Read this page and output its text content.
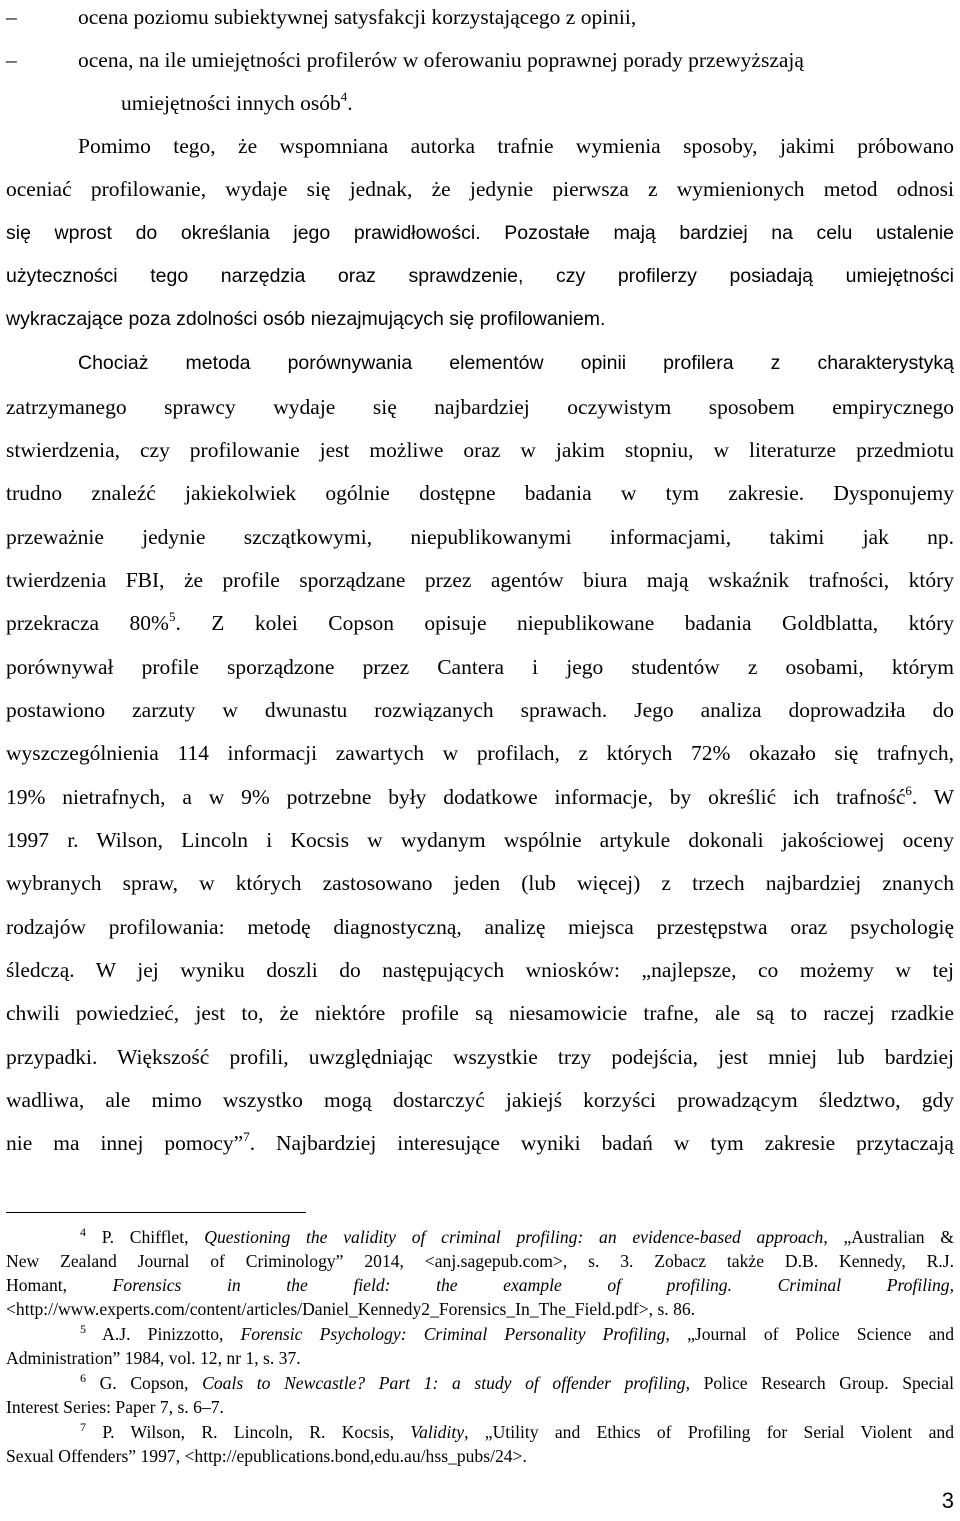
–	ocena poziomu subiektywnej satysfakcji korzystającego z opinii,
–	ocena, na ile umiejętności profilerów w oferowaniu poprawnej porady przewyższają
umiejętności innych osób$^4$.
Pomimo tego, że wspomniana autorka trafnie wymienia sposoby, jakimi próbowano
oceniać profilowanie, wydaje się jednak, że jedynie pierwsza z wymienionych metod odnosi
się wprost do określania jego prawidłowości. Pozostałe mają bardziej na celu ustalenie
użyteczności tego narzędzia oraz sprawdzenie, czy profilerzy posiadają umiejętności
wykraczające poza zdolności osób niezajmujących się profilowaniem.
Chociaż metoda porównywania elementów opinii profilera z charakterystyką
zatrzymanego sprawcy wydaje się najbardziej oczywistym sposobem empirycznego
stwierdzenia, czy profilowanie jest możliwe oraz w jakim stopniu, w literaturze przedmiotu
trudno znaleźć jakiekolwiek ogólnie dostępne badania w tym zakresie. Dysponujemy
przeważnie jedynie szczątkowymi, niepublikowanymi informacjami, takimi jak np.
twierdzenia FBI, że profile sporządzane przez agentów biura mają wskaźnik trafności, który
przekracza 80%$^5$. Z kolei Copson opisuje niepublikowane badania Goldblatta, który
porównywał profile sporządzone przez Cantera i jego studentów z osobami, którym
postawiono zarzuty w dwunastu rozwiązanych sprawach. Jego analiza doprowadziła do
wyszczególnienia 114 informacji zawartych w profilach, z których 72% okazało się trafnych,
19% nietrafnych, a w 9% potrzebne były dodatkowe informacje, by określić ich trafność$^6$. W
1997 r. Wilson, Lincoln i Kocsis w wydanym wspólnie artykule dokonali jakościowej oceny
wybranych spraw, w których zastosowano jeden (lub więcej) z trzech najbardziej znanych
rodzajów profilowania: metodę diagnostyczną, analizę miejsca przestępstwa oraz psychologię
śledczą. W jej wyniku doszli do następujących wniosków: „najlepsze, co możemy w tej
chwili powiedzieć, jest to, że niektóre profile są niesamowicie trafne, ale są to raczej rzadkie
przypadki. Większość profili, uwzględniając wszystkie trzy podejścia, jest mniej lub bardziej
wadliwa, ale mimo wszystko mogą dostarczyć jakiejś korzyści prowadzącym śledztwo, gdy
nie ma innej pomocy”$^7$. Najbardziej interesujące wyniki badań w tym zakresie przytaczają
$^4$ P. Chifflet, Questioning the validity of criminal profiling: an evidence-based approach, „Australian &
New Zealand Journal of Criminology” 2014, <anj.sagepub.com>, s. 3. Zobacz także D.B. Kennedy, R.J.
Homant, Forensics in the field: the example of profiling. Criminal Profiling,
<http://www.experts.com/content/articles/Daniel_Kennedy2_Forensics_In_The_Field.pdf>, s. 86.
$^5$ A.J. Pinizzotto, Forensic Psychology: Criminal Personality Profiling, „Journal of Police Science and
Administration” 1984, vol. 12, nr 1, s. 37.
$^6$ G. Copson, Coals to Newcastle? Part 1: a study of offender profiling, Police Research Group. Special
Interest Series: Paper 7, s. 6–7.
$^7$ P. Wilson, R. Lincoln, R. Kocsis, Validity, „Utility and Ethics of Profiling for Serial Violent and
Sexual Offenders” 1997, <http://epublications.bond,edu.au/hss_pubs/24>.
3
